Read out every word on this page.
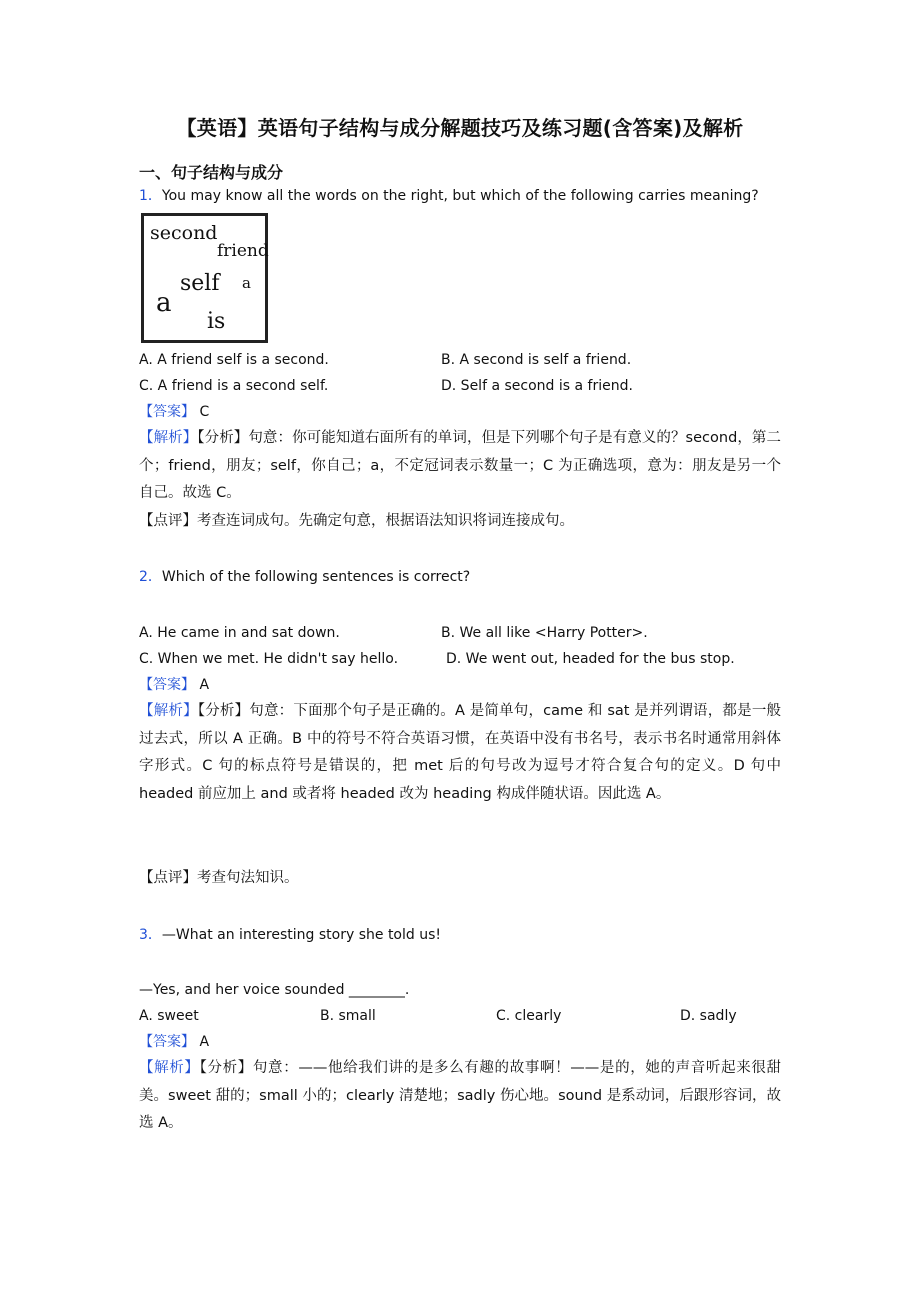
【英语】英语句子结构与成分解题技巧及练习题(含答案)及解析
一、句子结构与成分
1．You may know all the words on the right, but which of the following carries meaning?
second
friend
self a
a
is
A. A friend self is a second.	B. A second is self a friend.
C. A friend is a second self.	D. Self a second is a friend.
【答案】 C
【解析】【分析】句意：你可能知道右面所有的单词，但是下列哪个句子是有意义的？second，第二个；friend，朋友；self，你自己；a，不定冠词表示数量一；C 为正确选项，意为：朋友是另一个自己。故选 C。
【点评】考查连词成句。先确定句意，根据语法知识将词连接成句。
2．Which of the following sentences is correct?
A. He came in and sat down.	B. We all like <Harry Potter>.
C. When we met. He didn't say hello.	D. We went out, headed for the bus stop.
【答案】 A
【解析】【分析】句意：下面那个句子是正确的。A 是简单句，came 和 sat 是并列谓语，都是一般过去式，所以 A 正确。B 中的符号不符合英语习惯，在英语中没有书名号，表示书名时通常用斜体字形式。C 句的标点符号是错误的，把 met 后的句号改为逗号才符合复合句的定义。D 句中 headed 前应加上 and 或者将 headed 改为 heading 构成伴随状语。因此选 A。
【点评】考查句法知识。
3．—What an interesting story she told us!
—Yes, and her voice sounded ________.
A. sweet	B. small	C. clearly	D. sadly
【答案】 A
【解析】【分析】句意：——他给我们讲的是多么有趣的故事啊！——是的，她的声音听起来很甜美。sweet 甜的；small 小的；clearly 清楚地；sadly 伤心地。sound 是系动词，后跟形容词，故选 A。
